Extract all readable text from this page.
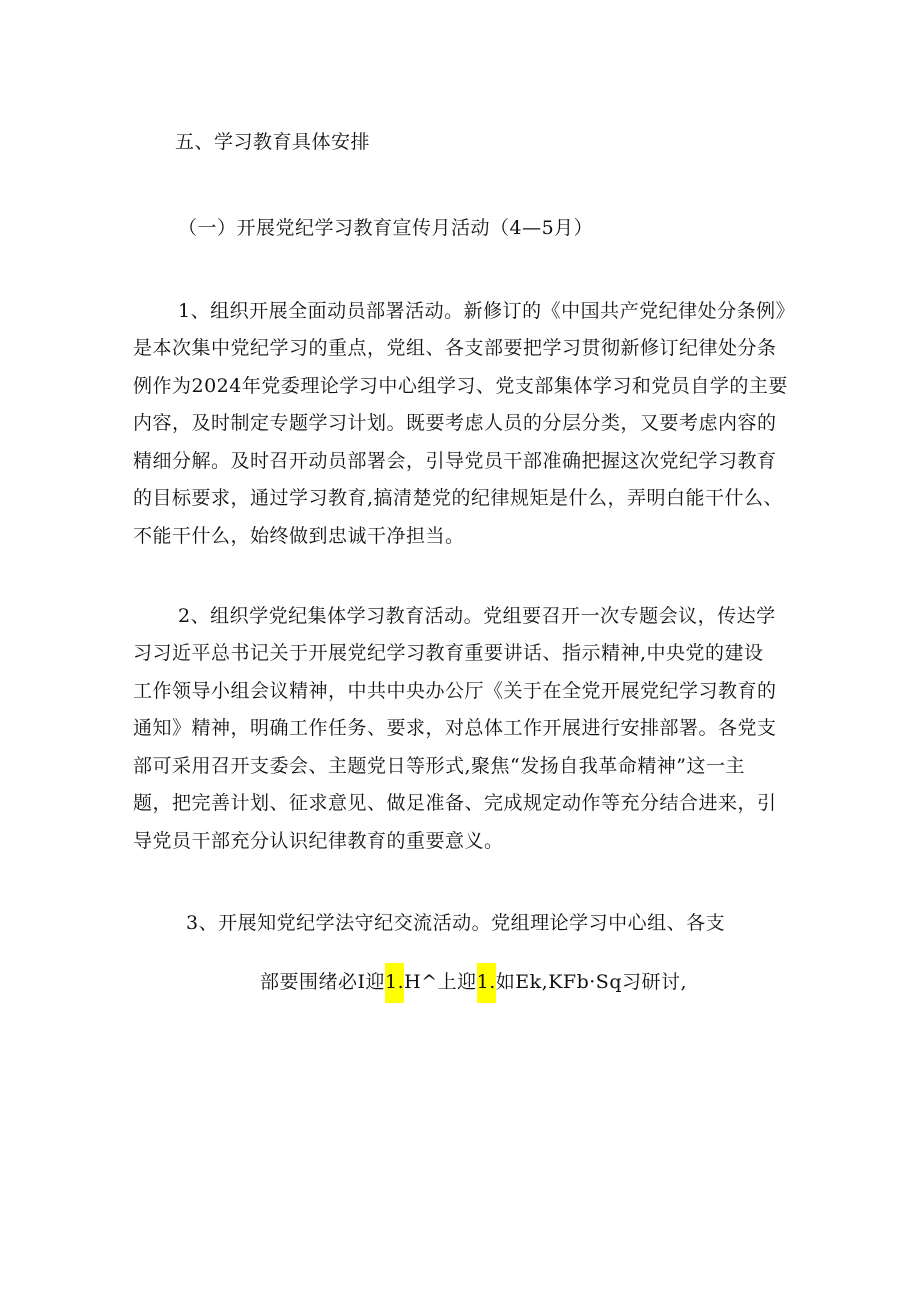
五、学习教育具体安排
（一）开展党纪学习教育宣传月活动（4—5月）
1、组织开展全面动员部署活动。新修订的《中国共产党纪律处分条例》
是本次集中党纪学习的重点，党组、各支部要把学习贯彻新修订纪律处分条
例作为2024年党委理论学习中心组学习、党支部集体学习和党员自学的主要
内容，及时制定专题学习计划。既要考虑人员的分层分类，又要考虑内容的
精细分解。及时召开动员部署会，引导党员干部准确把握这次党纪学习教育
的目标要求，通过学习教育,搞清楚党的纪律规矩是什么，弄明白能干什么、
不能干什么，始终做到忠诚干净担当。
2、组织学党纪集体学习教育活动。党组要召开一次专题会议，传达学
习习近平总书记关于开展党纪学习教育重要讲话、指示精神,中央党的建设
工作领导小组会议精神，中共中央办公厅《关于在全党开展党纪学习教育的
通知》精神，明确工作任务、要求，对总体工作开展进行安排部署。各党支
部可采用召开支委会、主题党日等形式,聚焦“发扬自我革命精神”这一主
题，把完善计划、征求意见、做足准备、完成规定动作等充分结合进来，引
导党员干部充分认识纪律教育的重要意义。
3、开展知党纪学法守纪交流活动。党组理论学习中心组、各支
部要围绪必I迎1.H^上迎1.如Ek,KFb·Sq习研讨,
